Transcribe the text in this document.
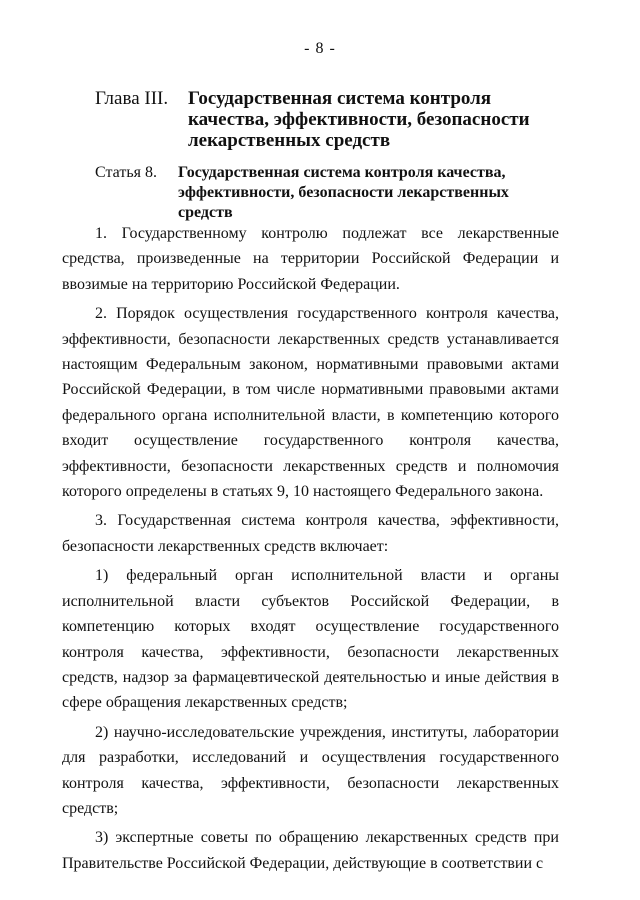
- 8 -
Глава III.	Государственная система контроля качества, эффективности, безопасности лекарственных средств
Статья 8.	Государственная система контроля качества, эффективности, безопасности лекарственных средств

1. Государственному контролю подлежат все лекарственные средства, произведенные на территории Российской Федерации и ввозимые на территорию Российской Федерации.

2. Порядок осуществления государственного контроля качества, эффективности, безопасности лекарственных средств устанавливается настоящим Федеральным законом, нормативными правовыми актами Российской Федерации, в том числе нормативными правовыми актами федерального органа исполнительной власти, в компетенцию которого входит осуществление государственного контроля качества, эффективности, безопасности лекарственных средств и полномочия которого определены в статьях 9, 10 настоящего Федерального закона.

3. Государственная система контроля качества, эффективности, безопасности лекарственных средств включает:

1) федеральный орган исполнительной власти и органы исполнительной власти субъектов Российской Федерации, в компетенцию которых входят осуществление государственного контроля качества, эффективности, безопасности лекарственных средств, надзор за фармацевтической деятельностью и иные действия в сфере обращения лекарственных средств;

2) научно-исследовательские учреждения, институты, лаборатории для разработки, исследований и осуществления государственного контроля качества, эффективности, безопасности лекарственных средств;

3) экспертные советы по обращению лекарственных средств при Правительстве Российской Федерации, действующие в соответствии с
